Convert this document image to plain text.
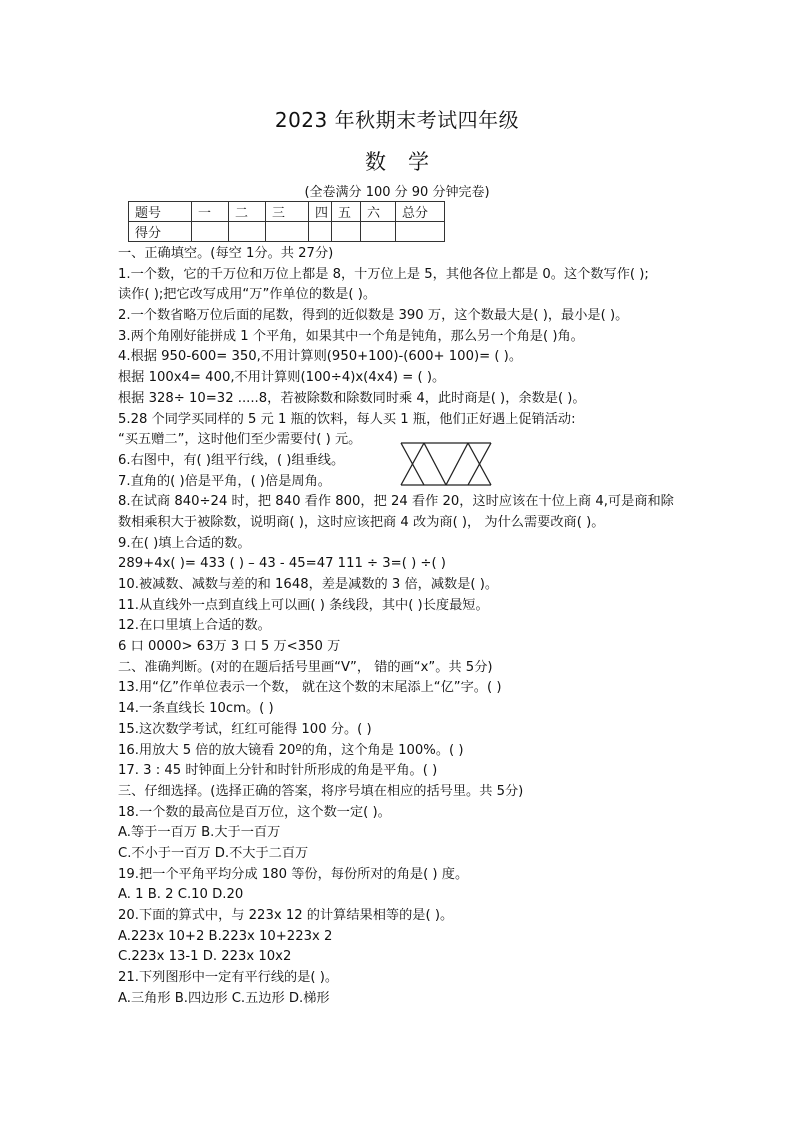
2023 年秋期末考试四年级
数学
(全卷满分 100 分 90 分钟完卷)
题号	一	二	三	四	五	六	总分
得分							
一、正确填空。(每空 1分。共 27分)
1.一个数，它的千万位和万位上都是 8，十万位上是 5，其他各位上都是 0。这个数写作( );
读作( );把它改写成用“万”作单位的数是( )。
2.一个数省略万位后面的尾数，得到的近似数是 390 万，这个数最大是( )，最小是( )。
3.两个角刚好能拼成 1 个平角，如果其中一个角是钝角，那么另一个角是( )角。
4.根据 950-600= 350,不用计算则(950+100)-(600+ 100)= ( )。
根据 100x4= 400,不用计算则(100÷4)x(4x4) = ( )。
根据 328÷ 10=32 .....8，若被除数和除数同时乘 4，此时商是( )，余数是( )。
5.28 个同学买同样的 5 元 1 瓶的饮料，每人买 1 瓶，他们正好遇上促销活动:
“买五赠二”，这时他们至少需要付( ) 元。
6.右图中，有( )组平行线，( )组垂线。
7.直角的( )倍是平角，( )倍是周角。
8.在试商 840÷24 时，把 840 看作 800，把 24 看作 20，这时应该在十位上商 4,可是商和除
数相乘积大于被除数，说明商( )，这时应该把商 4 改为商( )， 为什么需要改商( )。
9.在( )填上合适的数。
289+4x( )= 433 ( ) – 43 - 45=47 111 ÷ 3=( ) ÷( )
10.被减数、减数与差的和 1648，差是减数的 3 倍，减数是( )。
11.从直线外一点到直线上可以画( ) 条线段，其中( )长度最短。
12.在口里填上合适的数。
6 口 0000> 63万 3 口 5 万<350 万
二、准确判断。(对的在题后括号里画“V”， 错的画“x”。共 5分)
13.用“亿”作单位表示一个数， 就在这个数的末尾添上“亿”字。( )
14.一条直线长 10cm。( )
15.这次数学考试，红红可能得 100 分。( )
16.用放大 5 倍的放大镜看 20º的角，这个角是 100%。( )
17. 3 : 45 时钟面上分针和时针所形成的角是平角。( )
三、仔细选择。(选择正确的答案，将序号填在相应的括号里。共 5分)
18.一个数的最高位是百万位，这个数一定( )。
A.等于一百万 B.大于一百万
C.不小于一百万 D.不大于二百万
19.把一个平角平均分成 180 等份，每份所对的角是( ) 度。
A. 1 B. 2 C.10 D.20
20.下面的算式中，与 223x 12 的计算结果相等的是( )。
A.223x 10+2 B.223x 10+223x 2
C.223x 13-1 D. 223x 10x2
21.下列图形中一定有平行线的是( )。
A.三角形 B.四边形 C.五边形 D.梯形
